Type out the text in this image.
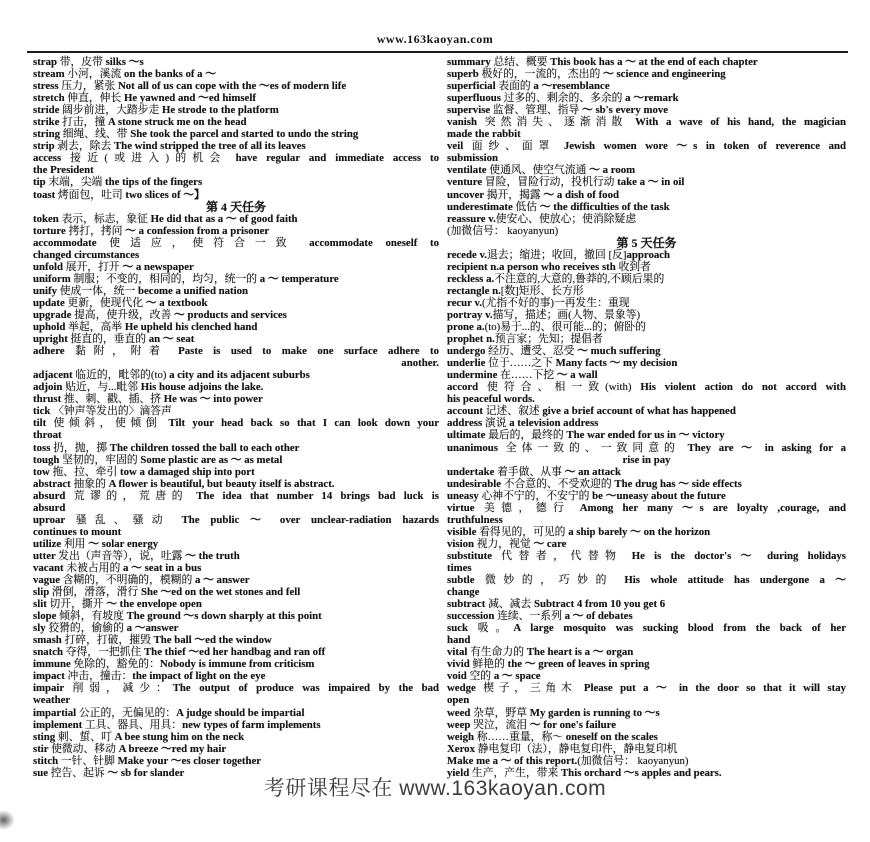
www.163kaoyan.com
strap 带，皮带 silks ～s
stream 小河，溪流 on the banks of a ～
stress 压力，紧张 Not all of us can cope with the ～es of modern life
stretch 伸直，伸长 He yawned and ～ed himself
stride 阔步前进，大踏步走 He strode to the platform
strike 打击，撞 A stone struck me on the head
string 细绳、线、带 She took the parcel and started to undo the string
strip 剥去，除去 The wind stripped the tree of all its leaves
access 接近(或进入)的机会 have regular and immediate access to
the President
tip 末端，尖端 the tips of the fingers
toast 烤面包，吐司 two slices of ～】
第 4 天任务
token 表示，标志，象征 He did that as a ～ of good faith
torture 拷打，拷问 ～ a confession from a prisoner
accommodate 使适应，使符合一致 accommodate oneself to
changed circumstances
unfold 展开，打开 ～ a newspaper
uniform 制服；不变的，相同的，均匀，统一的 a ～ temperature
unify 使成一体，统一 become a unified nation
update 更新，使现代化 ～ a textbook
upgrade 提高，使升级，改善 ～ products and services
uphold 举起，高举 He upheld his clenched hand
upright 挺直的，垂直的 an ～ seat
adhere 黏附，附着 Paste is used to make one surface adhere to
another.
adjacent 临近的，毗邻的(to) a city and its adjacent suburbs
adjoin 贴近，与...毗邻 His house adjoins the lake.
thrust 推、刺、戳、插、挤 He was ～ into power
tick 〈钟声等发出的〉滴答声
tilt 使倾斜，使倾倒 Tilt your head back so that I can look down your
throat
toss 扔，抛，掷 The children tossed the ball to each other
tough 坚韧的，牢固的 Some plastic are as ～ as metal
tow 拖、拉、牵引 tow a damaged ship into port
abstract 抽象的 A flower is beautiful, but beauty itself is abstract.
absurd 荒谬的，荒唐的 The idea that number 14 brings bad luck is
absurd
uproar 骚乱、骚动 The public ～ over unclear-radiation hazards
continues to mount
utilize 利用 ～ solar energy
utter 发出（声音等），说，吐露 ～ the truth
vacant 未被占用的 a ～ seat in a bus
vague 含糊的，不明确的，模糊的 a ～ answer
slip 滑倒，滑落，滑行 She ～ed on the wet stones and fell
slit 切开，撕开 ～ the envelope open
slope 倾斜，有坡度 The ground ～s down sharply at this point
sly 狡猾的，偷偷的 a ～answer
smash 打碎，打破，摧毁 The ball ～ed the window
snatch 夺得，一把抓住 The thief ～ed her handbag and ran off
immune 免除的，豁免的：Nobody is immune from criticism
impact 冲击，撞击：the impact of light on the eye
impair 削弱，减少：The output of produce was impaired by the bad
weather
impartial 公正的，无偏见的：A judge should be impartial
implement 工具、器具、用具：new types of farm implements
sting 刺、蜇、叮 A bee stung him on the neck
stir 使微动、移动 A breeze ～red my hair
stitch 一针、针脚 Make your ～es closer together
sue 控告、起诉 ～ sb for slander
summary 总结、概要 This book has a ～ at the end of each chapter
superb 极好的，一流的，杰出的 ～ science and engineering
superficial 表面的 a ～resemblance
superfluous 过多的、剩余的、多余的 a ～remark
supervise 监督、管理、指导 ～ sb's every move
vanish 突然消失、逐渐消散 With a wave of his hand, the magician
made the rabbit
veil 面纱、面罩 Jewish women wore ～s in token of reverence and
submission
ventilate 使通风、使空气流通 ～ a room
venture 冒险，冒险行动，投机行动 take a ～ in oil
uncover 揭开，揭露 ～ a dish of food
underestimate 低估 ～ the difficulties of the task
reassure v.使安心、使放心；使消除疑虑
(加微信号： kaoyanyun)
第 5 天任务
recede v.退去；缩进；收回，撤回 [反]approach
recipient n.a person who receives sth 收到者
reckless a.不注意的,大意的,鲁莽的,不顾后果的
rectangle n.[数]矩形、长方形
recur v.(尤指不好的事)一再发生：重现
portray v.描写，描述；画(人物、景象等)
prone a.(to)易于...的、很可能...的；俯卧的
prophet n.预言家；先知；提倡者
undergo 经历、遭受、忍受 ～ much suffering
underlie 位于……之下 Many facts ～ my decision
undermine 在……下挖 ～ a wall
accord 使符合、相一致(with) His violent action do not accord with
his peaceful words.
account 记述、叙述 give a brief account of what has happened
address 演说 a television address
ultimate 最后的，最终的 The war ended for us in ～ victory
unanimous 全体一致的、一致同意的 They are ～ in asking for a
rise in pay
undertake 着手做、从事 ～ an attack
undesirable 不合意的、不受欢迎的 The drug has ～ side effects
uneasy 心神不宁的，不安宁的 be ～uneasy about the future
virtue 美德，德行 Among her many ～s are loyalty ,courage, and
truthfulness
visible 看得见的，可见的 a ship barely ～ on the horizon
vision 视力，视觉 ～ care
substitute 代替者，代替物 He is the doctor's ～ during holidays
times
subtle 微妙的，巧妙的 His whole attitude has undergone a ～
change
subtract 减、减去 Subtract 4 from 10 you get 6
succession 连续、一系列 a ～ of debates
suck 吸。A large mosquito was sucking blood from the back of her
hand
vital 有生命力的 The heart is a ～ organ
vivid 鲜艳的 the ～ green of leaves in spring
void 空的 a ～ space
wedge 楔子，三角木 Please put a ～ in the door so that it will stay
open
weed 杂草，野草 My garden is running to ～s
weep 哭泣，流泪 ～ for one's failure
weigh 称……重量，称～ oneself on the scales
Xerox 静电复印（法），静电复印件，静电复印机
Make me a ～ of this report.(加微信号： kaoyanyun)
yield 生产，产生，带来 This orchard ～s apples and pears.
考研课程尽在 www.163kaoyan.com
